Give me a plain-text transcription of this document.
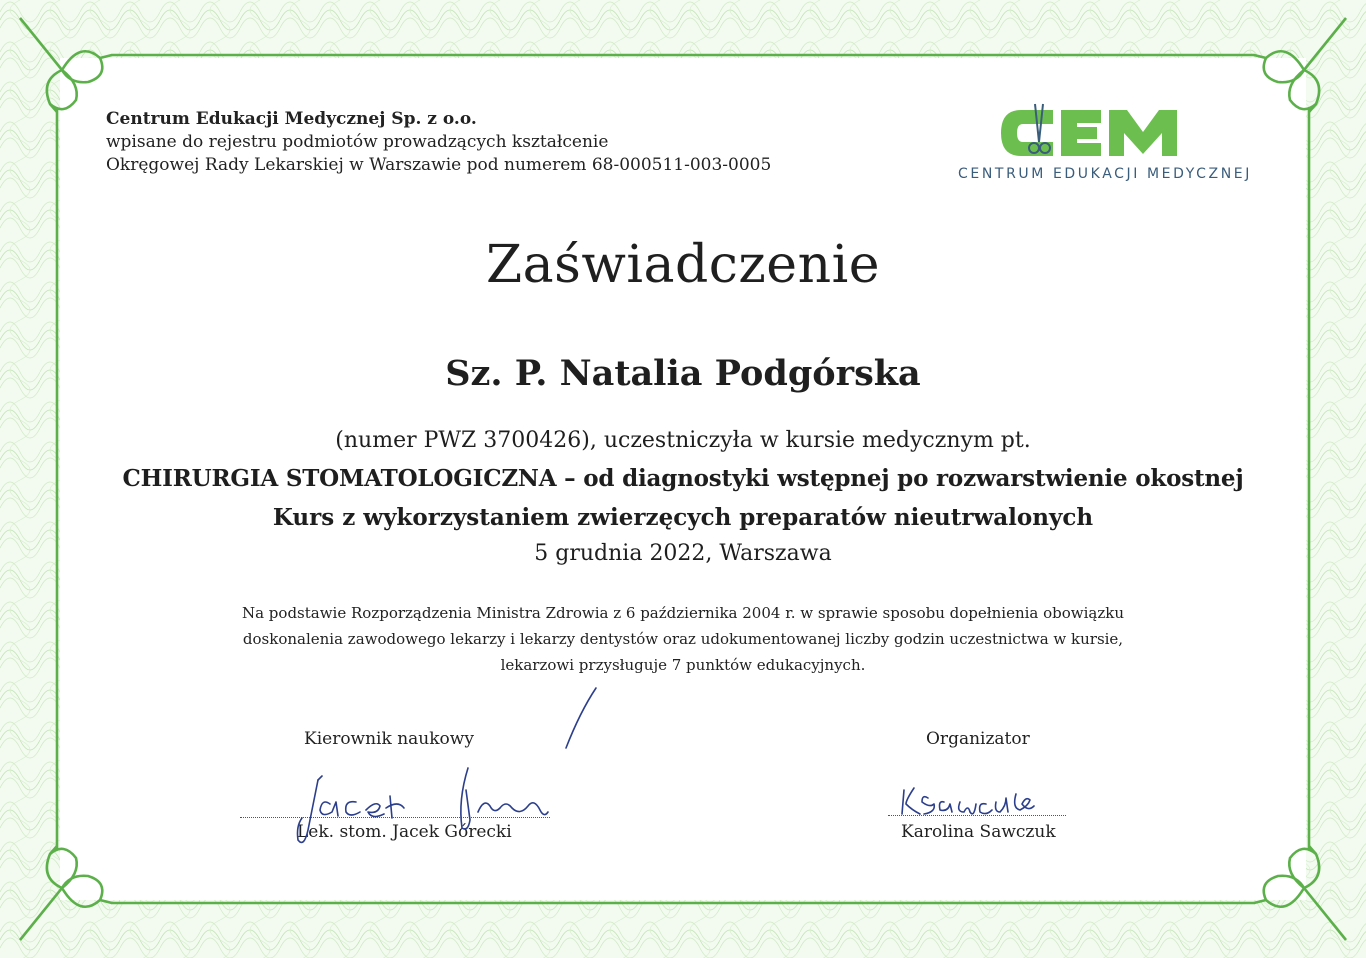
Centrum Edukacji Medycznej Sp. z o.o.
wpisane do rejestru podmiotów prowadzących kształcenie
Okręgowej Rady Lekarskiej w Warszawie pod numerem 68-000511-003-0005	CENTRUM EDUKACJI MEDYCZNEJ
Zaświadczenie
Sz. P. Natalia Podgórska
(numer PWZ 3700426), uczestniczyła w kursie medycznym pt.
CHIRURGIA STOMATOLOGICZNA – od diagnostyki wstępnej po rozwarstwienie okostnej
Kurs z wykorzystaniem zwierzęcych preparatów nieutrwalonych
5 grudnia 2022, Warszawa
Na podstawie Rozporządzenia Ministra Zdrowia z 6 października 2004 r. w sprawie sposobu dopełnienia obowiązku
doskonalenia zawodowego lekarzy i lekarzy dentystów oraz udokumentowanej liczby godzin uczestnictwa w kursie,
lekarzowi przysługuje 7 punktów edukacyjnych.
Kierownik naukowy	Organizator
Lek. stom. Jacek Górecki	Karolina Sawczuk
